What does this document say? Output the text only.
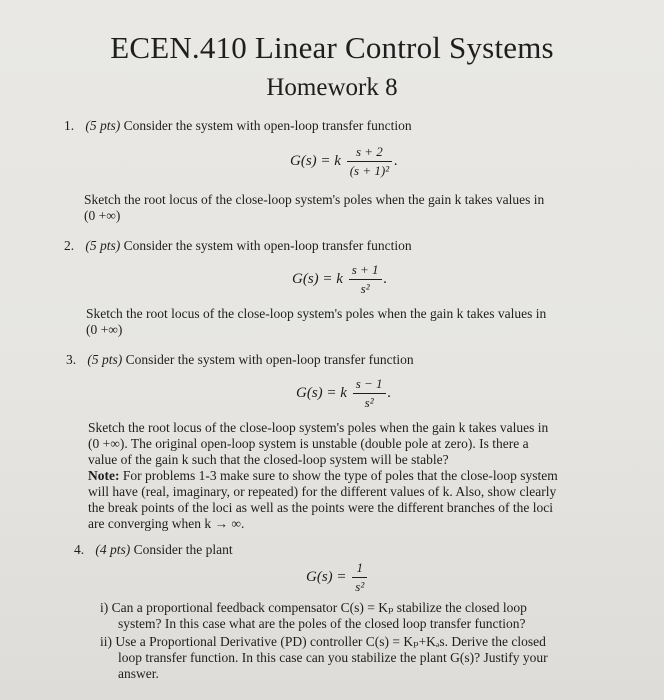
ECEN.410 Linear Control Systems
Homework 8
1. (5 pts) Consider the system with open-loop transfer function
G(s) = k $\frac{s + 2}{\text{(s + 1)²}}$ .
Sketch the root locus of the close-loop system's poles when the gain k takes values in
(0 +∞)
2. (5 pts) Consider the system with open-loop transfer function
G(s) = k $\frac{s + 1}{\text{s²}}$ .
Sketch the root locus of the close-loop system's poles when the gain k takes values in
(0 +∞)
3. (5 pts) Consider the system with open-loop transfer function
G(s) = k $\frac{s - 1}{\text{s²}}$ .
Sketch the root locus of the close-loop system's poles when the gain k takes values in
(0 +∞). The original open-loop system is unstable (double pole at zero). Is there a
value of the gain k such that the closed-loop system will be stable?
Note: For problems 1-3 make sure to show the type of poles that the close-loop system
will have (real, imaginary, or repeated) for the different values of k. Also, show clearly
the break points of the loci as well as the points were the different branches of the loci
are converging when k → ∞.
4. (4 pts) Consider the plant
$G(s) = \frac{1}{\text{s²}}$
i) Can a proportional feedback compensator C(s) = Kₚ stabilize the closed loop
system? In this case what are the poles of the closed loop transfer function?
ii) Use a Proportional Derivative (PD) controller C(s) = Kₚ+Kₔs. Derive the closed
loop transfer function. In this case can you stabilize the plant G(s)? Justify your
answer.
